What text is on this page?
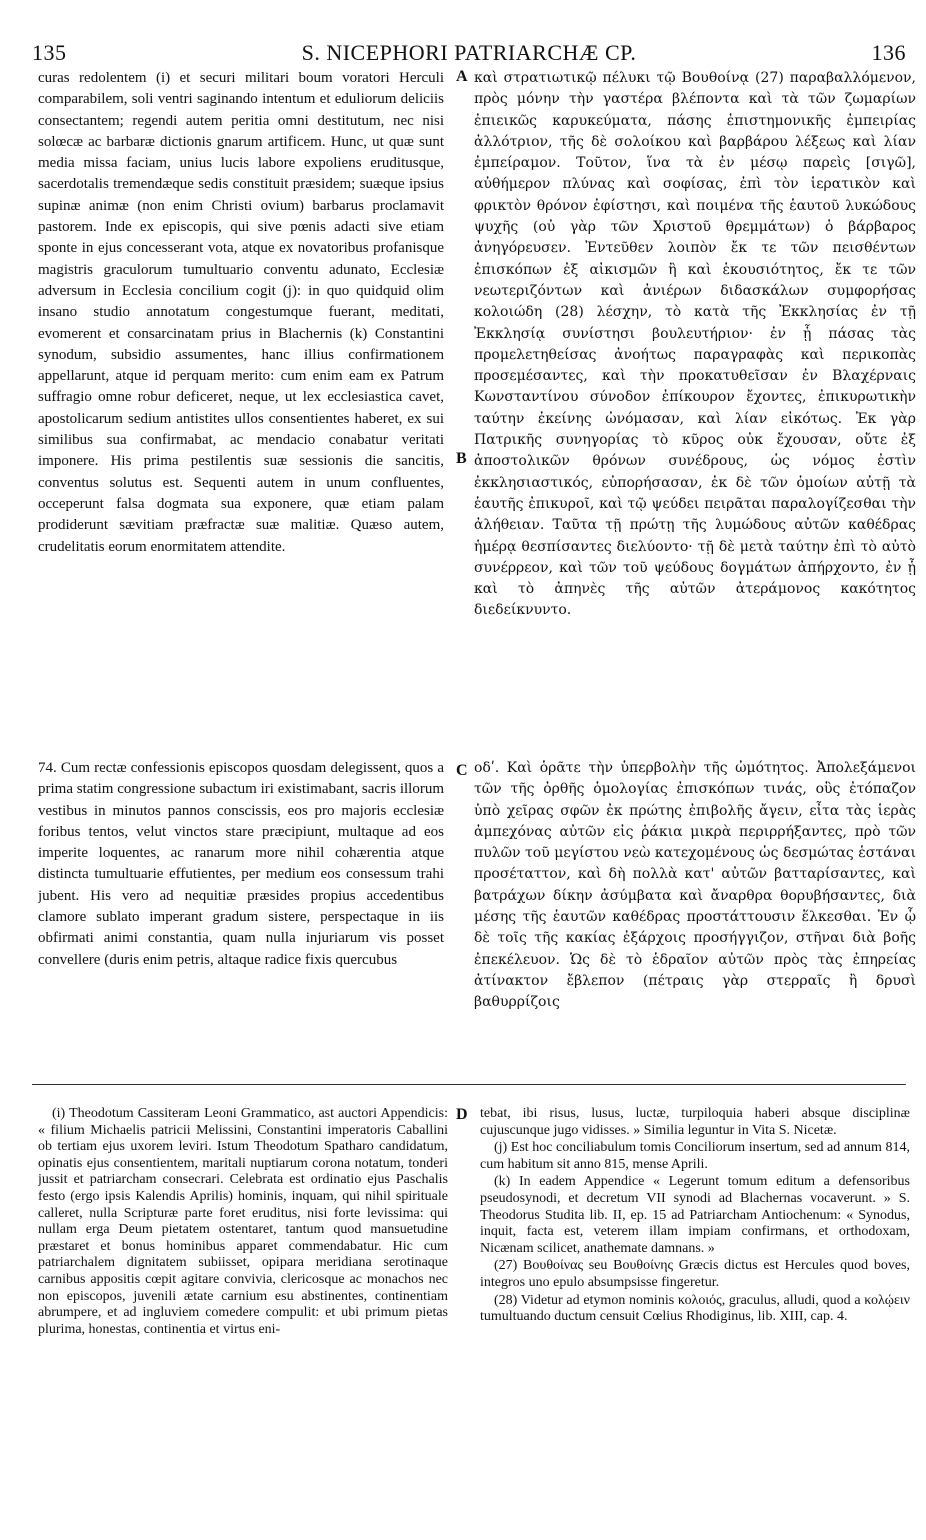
135	S. NICEPHORI PATRIARCHÆ CP.	136

curas redolentem (i) et securi militari boum voratori Herculi comparabilem, soli ventri saginando intentum et eduliorum deliciis consectantem; regendi autem peritia omni destitutum, nec nisi solœcæ ac barbaræ dictionis gnarum artificem. Hunc, ut quæ sunt media missa faciam, unius lucis labore expoliens eruditusque, sacerdotalis tremendæque sedis constituit præsidem; suæque ipsius supinæ animæ (non enim Christi ovium) barbarus proclamavit pastorem. Inde ex episcopis, qui sive pœnis adacti sive etiam sponte in ejus concesserant vota, atque ex novatoribus profanisque magistris graculorum tumultuario conventu adunato, Ecclesiæ adversum in Ecclesia concilium cogit (j): in quo quidquid olim insano studio annotatum congestumque fuerant, meditati, evomerent et consarcinatam prius in Blachernis (k) Constantini synodum, subsidio assumentes, hanc illius confirmationem appellarunt, atque id perquam merito: cum enim eam ex Patrum suffragio omne robur deficeret, neque, ut lex ecclesiastica cavet, apostolicarum sedium antistites ullos consentientes haberet, ex sui similibus sua confirmabat, ac mendacio conabatur veritati imponere. His prima pestilentis suæ sessionis die sancitis, conventus solutus est. Sequenti autem in unum confluentes, occeperunt falsa dogmata sua exponere, quæ etiam palam prodiderunt sævitiam præfractæ suæ malitiæ. Quæso autem, crudelitatis eorum enormitatem attendite.

καὶ στρατιωτικῷ πέλυκι τῷ Βουθοίνᾳ (27) παραβαλλόμενον, πρὸς μόνην τὴν γαστέρα βλέποντα καὶ τὰ τῶν ζωμαρίων ἐπιεικῶς καρυκεύματα, πάσης ἐπιστημονικῆς ἐμπειρίας ἀλλότριον, τῆς δὲ σολοίκου καὶ βαρβάρου λέξεως καὶ λίαν ἐμπείραμον. Τοῦτον, ἵνα τὰ ἐν μέσῳ παρεὶς [σιγῶ], αὐθήμερον πλύνας καὶ σοφίσας, ἐπὶ τὸν ἱερατικὸν καὶ φρικτὸν θρόνον ἐφίστησι, καὶ ποιμένα τῆς ἑαυτοῦ λυκώδους ψυχῆς (οὐ γὰρ τῶν Χριστοῦ θρεμμάτων) ὁ βάρβαρος ἀνηγόρευσεν. Ἐντεῦθεν λοιπὸν ἔκ τε τῶν πεισθέντων ἐπισκόπων ἐξ αἰκισμῶν ἢ καὶ ἑκουσιότητος, ἔκ τε τῶν νεωτεριζόντων καὶ ἀνιέρων διδασκάλων συμφορήσας κολοιώδη (28) λέσχην, τὸ κατὰ τῆς Ἐκκλησίας ἐν τῇ Ἐκκλησίᾳ συνίστησι βουλευτήριον· ἐν ᾗ πάσας τὰς προμελετηθείσας ἀνοήτως παραγραφὰς καὶ περικοπὰς προσεμέσαντες, καὶ τὴν προκατυθεῖσαν ἐν Βλαχέρναις Κωνσταντίνου σύνοδον ἐπίκουρον ἔχοντες, ἐπικυρωτικὴν ταύτην ἐκείνης ὠνόμασαν, καὶ λίαν εἰκότως. Ἐκ γὰρ Πατρικῆς συνηγορίας τὸ κῦρος οὐκ ἔχουσαν, οὔτε ἐξ ἀποστολικῶν θρόνων συνέδρους, ὡς νόμος ἐστὶν ἐκκλησιαστικός, εὐπορήσασαν, ἐκ δὲ τῶν ὁμοίων αὐτῇ τὰ ἑαυτῆς ἐπικυροῖ, καὶ τῷ ψεύδει πειρᾶται παραλογίζεσθαι τὴν ἀλήθειαν. Ταῦτα τῇ πρώτῃ τῆς λυμώδους αὐτῶν καθέδρας ἡμέρᾳ θεσπίσαντες διελύοντο· τῇ δὲ μετὰ ταύτην ἐπὶ τὸ αὐτὸ συνέρρεον, καὶ τῶν τοῦ ψεύδους δογμάτων ἀπήρχοντο, ἐν ᾗ καὶ τὸ ἀπηνὲς τῆς αὐτῶν ἀτεράμονος κακότητος διεδείκνυντο.

74. Cum rectæ confessionis episcopos quosdam delegissent, quos a prima statim congressione subactum iri existimabant, sacris illorum vestibus in minutos pannos conscissis, eos pro majoris ecclesiæ foribus tentos, velut vinctos stare præcipiunt, multaque ad eos imperite loquentes, ac ranarum more nihil cohærentia atque distincta tumultuarie effutientes, per medium eos consessum trahi jubent. His vero ad nequitiæ præsides propius accedentibus clamore sublato imperant gradum sistere, perspectaque in iis obfirmati animi constantia, quam nulla injuriarum vis posset convellere (duris enim petris, altaque radice fixis quercubus

οδʹ. Καὶ ὁρᾶτε τὴν ὑπερβολὴν τῆς ὠμότητος. Ἀπολεξάμενοι τῶν τῆς ὀρθῆς ὁμολογίας ἐπισκόπων τινάς, οὓς ἐτόπαζον ὑπὸ χεῖρας σφῶν ἐκ πρώτης ἐπιβολῆς ἄγειν, εἶτα τὰς ἱερὰς ἀμπεχόνας αὐτῶν εἰς ῥάκια μικρὰ περιρρήξαντες, πρὸ τῶν πυλῶν τοῦ μεγίστου νεὼ κατεχομένους ὡς δεσμώτας ἑστάναι προσέταττον, καὶ δὴ πολλὰ κατ' αὐτῶν βατταρίσαντες, καὶ βατράχων δίκην ἀσύμβατα καὶ ἄναρθρα θορυβήσαντες, διὰ μέσης τῆς ἑαυτῶν καθέδρας προστάττουσιν ἕλκεσθαι. Ἐν ᾧ δὲ τοῖς τῆς κακίας ἐξάρχοις προσήγγιζον, στῆναι διὰ βοῆς ἐπεκέλευον. Ὡς δὲ τὸ ἑδραῖον αὐτῶν πρὸς τὰς ἐπηρείας ἀτίνακτον ἔβλεπον (πέτραις γὰρ στερραῖς ἢ δρυσὶ βαθυρρίζοις

A
B
C
D

(i) Theodotum Cassiteram Leoni Grammatico, ast auctori Appendicis: « filium Michaelis patricii Melissini, Constantini imperatoris Caballini ob tertiam ejus uxorem leviri. Istum Theodotum Spatharo candidatum, opinatis ejus consentientem, maritali nuptiarum corona notatum, tonderi jussit et patriarcham consecrari. Celebrata est ordinatio ejus Paschalis festo (ergo ipsis Kalendis Aprilis) hominis, inquam, qui nihil spirituale calleret, nulla Scripturæ parte foret eruditus, nisi forte levissima: qui nullam erga Deum pietatem ostentaret, tantum quod mansuetudine præstaret et bonus hominibus apparet commendabatur. Hic cum patriarchalem dignitatem subiisset, opipara meridiana serotinaque carnibus appositis cœpit agitare convivia, clericosque ac monachos nec non episcopos, juvenili ætate carnium esu abstinentes, continentiam abrumpere, et ad ingluviem comedere compulit: et ubi primum pietas plurima, honestas, continentia et virtus eni-

tebat, ibi risus, lusus, luctæ, turpiloquia haberi absque disciplinæ cujuscunque jugo vidisses. » Similia leguntur in Vita S. Nicetæ.

(j) Est hoc conciliabulum tomis Conciliorum insertum, sed ad annum 814, cum habitum sit anno 815, mense Aprili.

(k) In eadem Appendice « Legerunt tomum editum a defensoribus pseudosynodi, et decretum VII synodi ad Blachernas vocaverunt. » S. Theodorus Studita lib. II, ep. 15 ad Patriarcham Antiochenum: « Synodus, inquit, facta est, veterem illam impiam confirmans, et orthodoxam, Nicænam scilicet, anathemate damnans. »

(27) Βουθοίνας seu Βουθοίνης Græcis dictus est Hercules quod boves, integros uno epulo absumpsisse fingeretur.

(28) Videtur ad etymon nominis κολοιός, graculus, alludi, quod a κολῴειν tumultuando ductum censuit Cœlius Rhodiginus, lib. XIII, cap. 4.
